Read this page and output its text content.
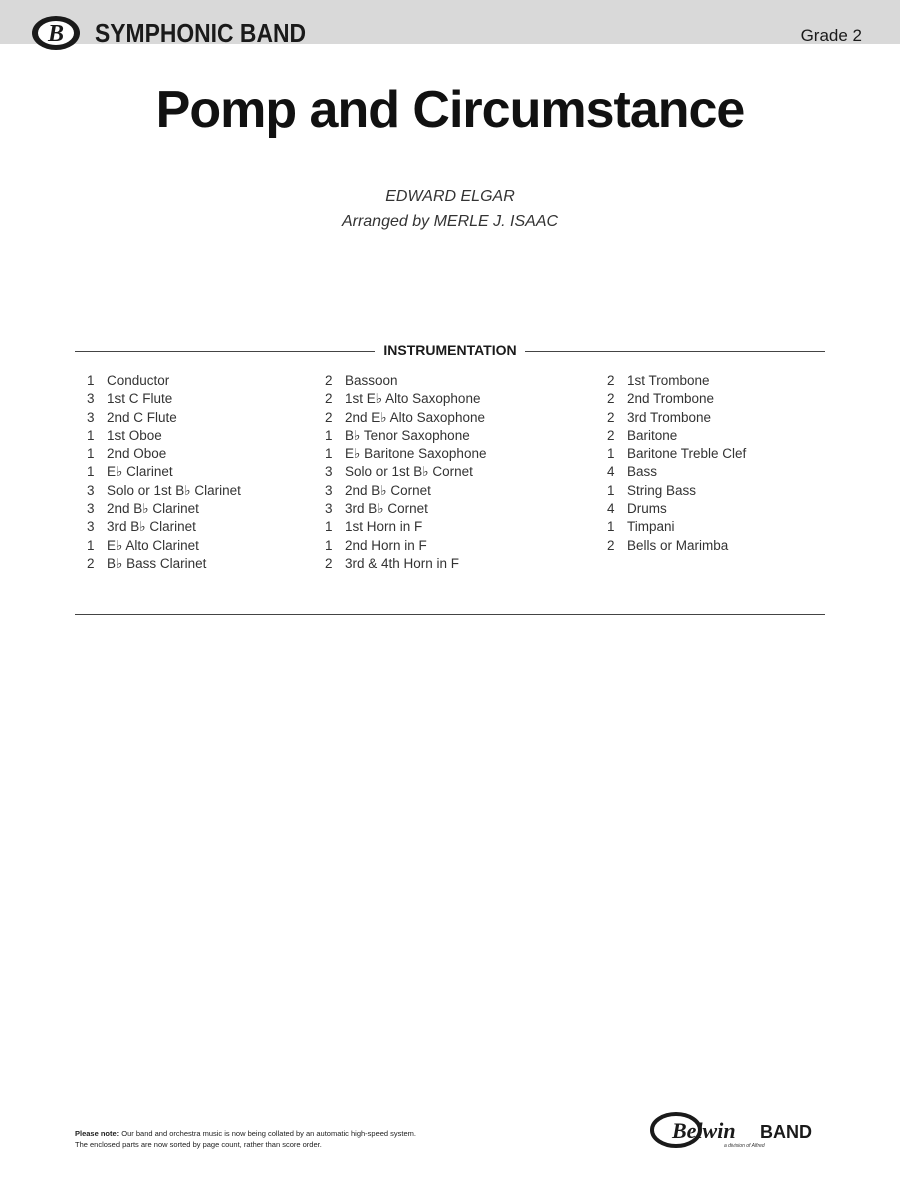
B SYMPHONIC BAND	Grade 2
Pomp and Circumstance
EDWARD ELGAR
Arranged by MERLE J. ISAAC
INSTRUMENTATION
1 Conductor
3 1st C Flute
3 2nd C Flute
1 1st Oboe
1 2nd Oboe
1 E♭ Clarinet
3 Solo or 1st B♭ Clarinet
3 2nd B♭ Clarinet
3 3rd B♭ Clarinet
1 E♭ Alto Clarinet
2 B♭ Bass Clarinet
2 Bassoon
2 1st E♭ Alto Saxophone
2 2nd E♭ Alto Saxophone
1 B♭ Tenor Saxophone
1 E♭ Baritone Saxophone
3 Solo or 1st B♭ Cornet
3 2nd B♭ Cornet
3 3rd B♭ Cornet
1 1st Horn in F
1 2nd Horn in F
2 3rd & 4th Horn in F
2 1st Trombone
2 2nd Trombone
2 3rd Trombone
2 Baritone
1 Baritone Treble Clef
4 Bass
1 String Bass
4 Drums
1 Timpani
2 Bells or Marimba
Please note: Our band and orchestra music is now being collated by an automatic high-speed system.
The enclosed parts are now sorted by page count, rather than score order.
Belwin BAND
a division of Alfred
